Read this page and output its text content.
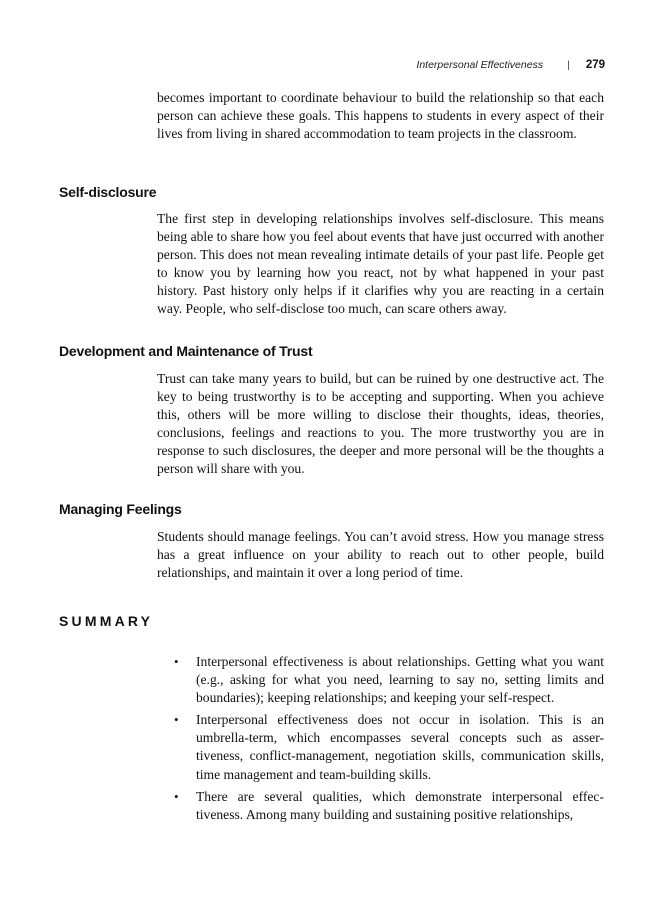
Interpersonal Effectiveness | 279

becomes important to coordinate behaviour to build the relationship so that each person can achieve these goals. This happens to students in every aspect of their lives from living in shared accommodation to team projects in the classroom.

Self-disclosure

The first step in developing relationships involves self-disclosure. This means being able to share how you feel about events that have just occurred with another person. This does not mean revealing intimate details of your past life. People get to know you by learning how you react, not by what happened in your past history. Past history only helps if it clarifies why you are reacting in a certain way. People, who self-disclose too much, can scare others away.

Development and Maintenance of Trust

Trust can take many years to build, but can be ruined by one destructive act. The key to being trustworthy is to be accepting and supporting. When you achieve this, others will be more willing to disclose their thoughts, ideas, theories, conclusions, feelings and reactions to you. The more trustworthy you are in response to such disclosures, the deeper and more personal will be the thoughts a person will share with you.

Managing Feelings

Students should manage feelings. You can’t avoid stress. How you manage stress has a great influence on your ability to reach out to other people, build relationships, and maintain it over a long period of time.

SUMMARY
• Interpersonal effectiveness is about relationships. Getting what you want (e.g., asking for what you need, learning to say no, setting limits and boundaries); keeping relationships; and keeping your self-respect.
• Interpersonal effectiveness does not occur in isolation. This is an umbrella-term, which encompasses several concepts such as asser-tiveness, conflict-management, negotiation skills, communication skills, time management and team-building skills.
• There are several qualities, which demonstrate interpersonal effec-tiveness. Among many building and sustaining positive relationships,
